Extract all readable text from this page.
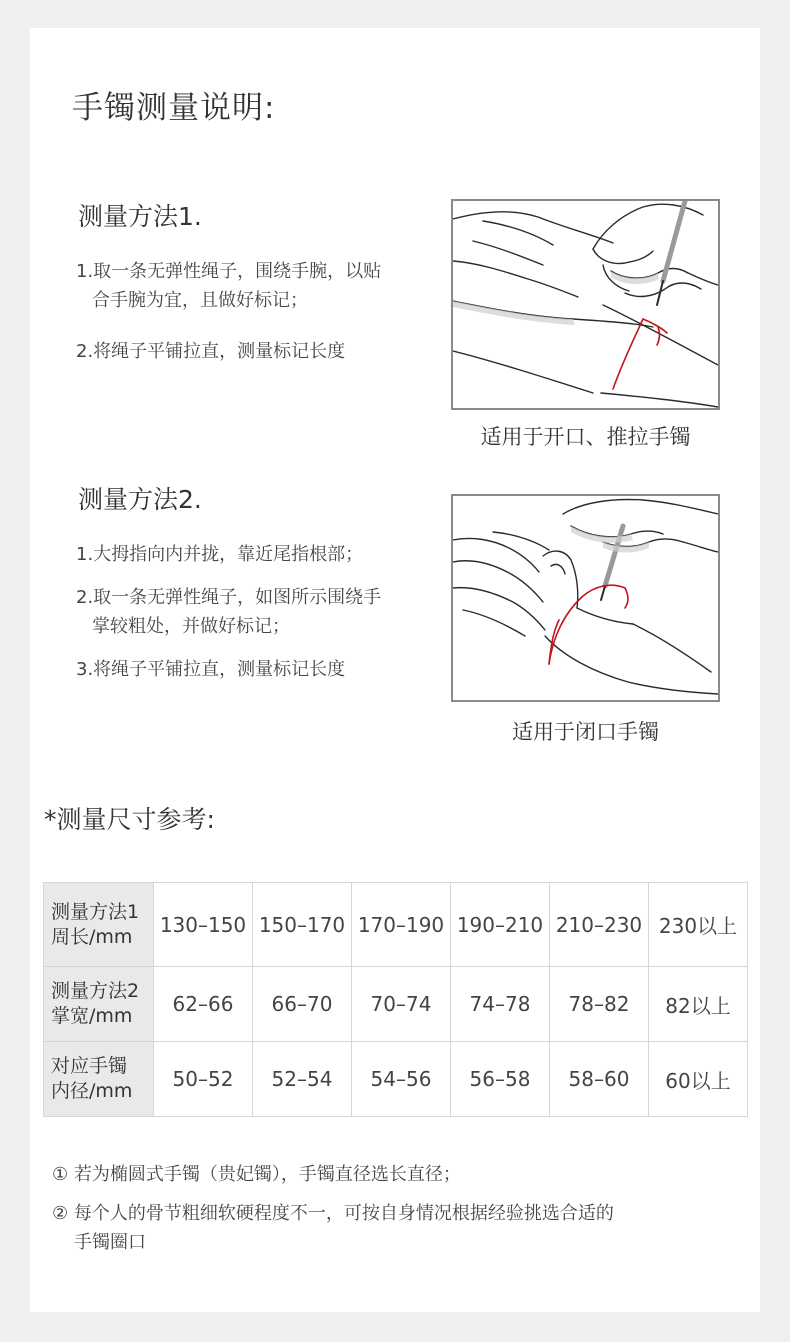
手镯测量说明:
测量方法1.
1.取一条无弹性绳子，围绕手腕，以贴
合手腕为宜，且做好标记；
2.将绳子平铺拉直，测量标记长度
适用于开口、推拉手镯
测量方法2.
1.大拇指向内并拢，靠近尾指根部；
2.取一条无弹性绳子，如图所示围绕手
掌较粗处，并做好标记；
3.将绳子平铺拉直，测量标记长度
适用于闭口手镯
*测量尺寸参考:
测量方法1
周长/mm	130–150	150–170	170–190	190–210	210–230	230以上
测量方法2
掌宽/mm	62–66	66–70	70–74	74–78	78–82	82以上
对应手镯
内径/mm	50–52	52–54	54–56	56–58	58–60	60以上
① 若为椭圆式手镯（贵妃镯），手镯直径选长直径；
② 每个人的骨节粗细软硬程度不一，可按自身情况根据经验挑选合适的
手镯圈口
